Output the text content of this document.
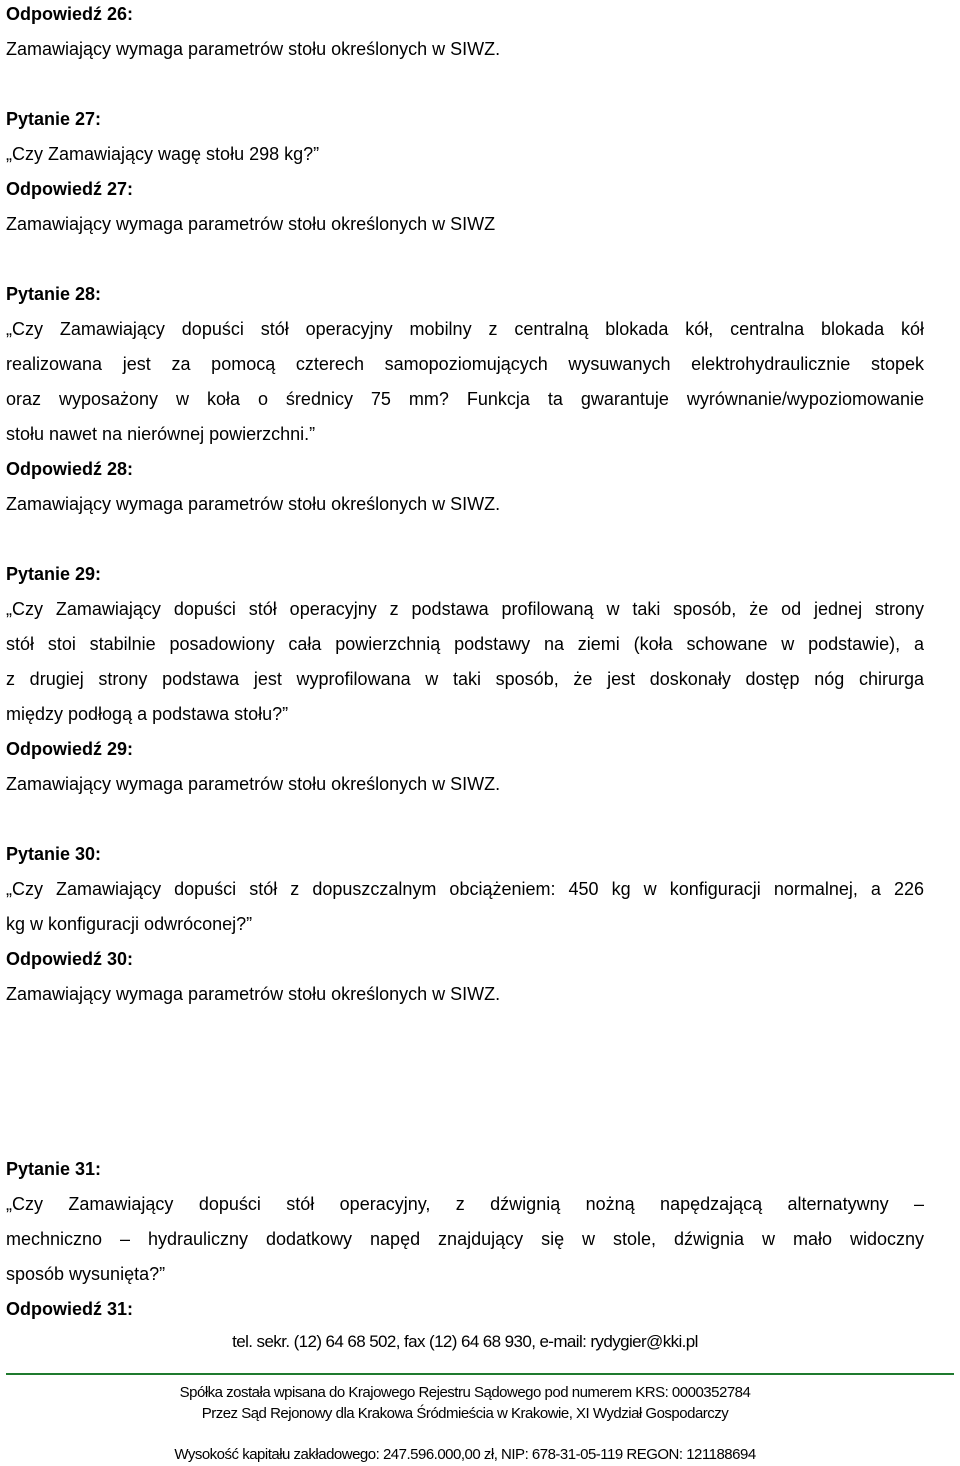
Odpowiedź 26:
Zamawiający wymaga parametrów stołu określonych w SIWZ.
Pytanie 27:
„Czy Zamawiający wagę stołu 298 kg?”
Odpowiedź 27:
Zamawiający wymaga parametrów stołu określonych w SIWZ
Pytanie 28:
„Czy Zamawiający dopuści stół operacyjny mobilny z centralną blokada kół, centralna blokada kół
realizowana jest za pomocą czterech samopoziomujących wysuwanych elektrohydraulicznie stopek
oraz wyposażony w koła o średnicy 75 mm? Funkcja ta gwarantuje wyrównanie/wypoziomowanie
stołu nawet na nierównej powierzchni.”
Odpowiedź 28:
Zamawiający wymaga parametrów stołu określonych w SIWZ.
Pytanie 29:
„Czy Zamawiający dopuści stół operacyjny z podstawa profilowaną w taki sposób, że od jednej strony
stół stoi stabilnie posadowiony cała powierzchnią podstawy na ziemi (koła schowane w podstawie), a
z drugiej strony podstawa jest wyprofilowana w taki sposób, że jest doskonały dostęp nóg chirurga
między podłogą a podstawa stołu?”
Odpowiedź 29:
Zamawiający wymaga parametrów stołu określonych w SIWZ.
Pytanie 30:
„Czy Zamawiający dopuści stół z dopuszczalnym obciążeniem: 450 kg w konfiguracji normalnej, a 226
kg w konfiguracji odwróconej?”
Odpowiedź 30:
Zamawiający wymaga parametrów stołu określonych w SIWZ.
Pytanie 31:
„Czy Zamawiający dopuści stół operacyjny, z dźwignią nożną napędzającą alternatywny –
mechniczno – hydrauliczny dodatkowy napęd znajdujący się w stole, dźwignia w mało widoczny
sposób wysunięta?”
Odpowiedź 31:
tel. sekr. (12) 64 68 502, fax (12) 64 68 930, e-mail: rydygier@kki.pl
Spółka została wpisana do Krajowego Rejestru Sądowego pod numerem KRS: 0000352784
Przez Sąd Rejonowy dla Krakowa Śródmieścia w Krakowie, XI Wydział Gospodarczy
Wysokość kapitału zakładowego: 247.596.000,00 zł, NIP: 678-31-05-119 REGON: 121188694
